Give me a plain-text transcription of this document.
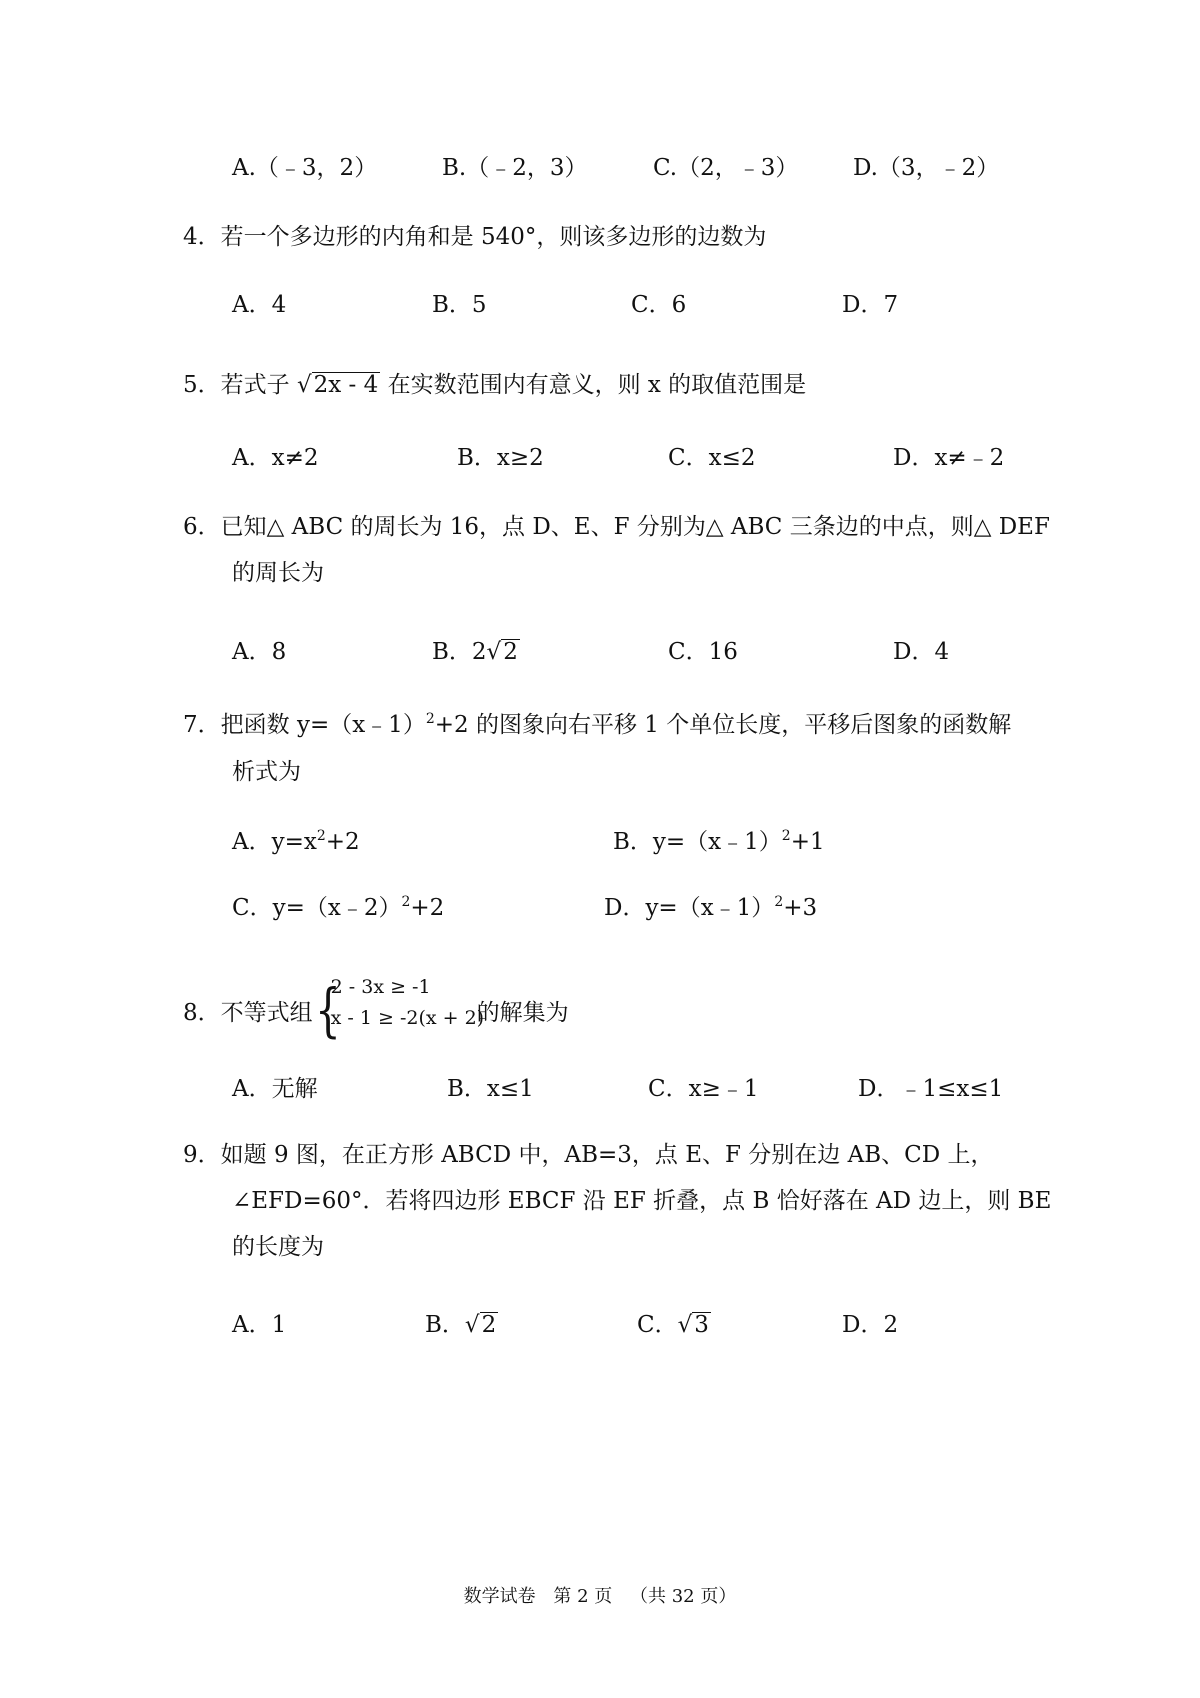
A.（﹣3，2）	B.（﹣2，3）	C.（2，﹣3） D.（3，﹣2）
4．若一个多边形的内角和是 540°，则该多边形的边数为
A．4	B．5	C．6	D．7
5．若式子 √2x - 4 在实数范围内有意义，则 x 的取值范围是
A．x≠2	B．x≥2	C．x≤2	D．x≠﹣2
6．已知△ ABC 的周长为 16，点 D、E、F 分别为△ ABC 三条边的中点，则△ DEF
的周长为
A．8	B．2√2	C．16	D．4
7．把函数 y=（x﹣1）$^2$+2 的图象向右平移 1 个单位长度，平移后图象的函数解
析式为
A．$y=x^2+2$	B．y=（x﹣1）$^2$+1
C．y=（x﹣2）$^2$+2	D．y=（x﹣1）$^2$+3
8．不等式组 {
2 - 3x ≥ -1
x - 1 ≥ -2(x + 2)
的解集为
A．无解	B．x≤1	C．x≥﹣1	D．﹣1≤x≤1
9．如题 9 图，在正方形 ABCD 中，AB=3，点 E、F 分别在边 AB、CD 上，
∠EFD=60°．若将四边形 EBCF 沿 EF 折叠，点 B 恰好落在 AD 边上，则 BE
的长度为
A．1	B．√2	C．√3	D．2
数学试卷 第 2 页 （共 32 页）
